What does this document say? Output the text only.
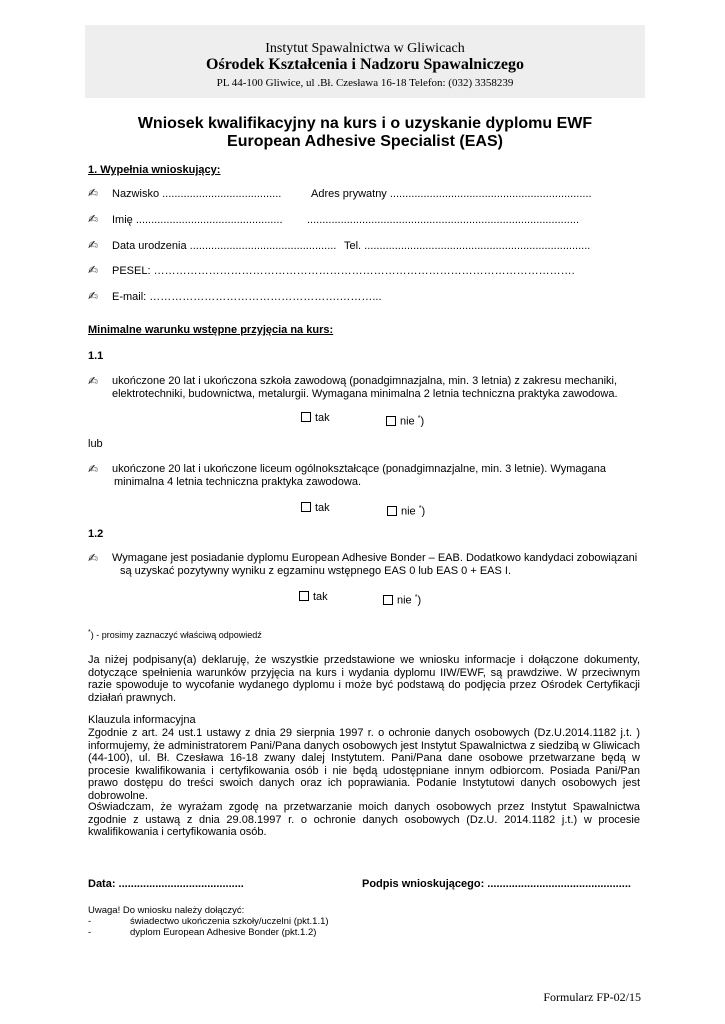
Instytut Spawalnictwa w Gliwicach
Ośrodek Kształcenia i Nadzoru Spawalniczego
PL 44-100 Gliwice, ul .Bł. Czesława 16-18 Telefon: (032) 3358239
Wniosek kwalifikacyjny na kurs i o uzyskanie dyplomu EWF
European Adhesive Specialist (EAS)
1. Wypełnia wnioskujący:
✍ Nazwisko .......................................	Adres prywatny ..................................................................
✍ Imię ................................................ .........................................................................................
✍ Data urodzenia ................................................ Tel. ..........................................................................
✍ PESEL: …………………………………………………………………………………………………….
✍ E-mail: …………………………………………….………...
Minimalne warunku wstępne przyjęcia na kurs:
1.1
✍ ukończone 20 lat i ukończona szkoła zawodową (ponadgimnazjalna, min. 3 letnia) z zakresu mechaniki,
elektrotechniki, budownictwa, metalurgii. Wymagana minimalna 2 letnia techniczna praktyka zawodowa.
tak	nie *)
lub
✍ ukończone 20 lat i ukończone liceum ogólnokształcące (ponadgimnazjalne, min. 3 letnie). Wymagana
minimalna 4 letnia techniczna praktyka zawodowa.
tak	nie *)
1.2
✍ Wymagane jest posiadanie dyplomu European Adhesive Bonder – EAB. Dodatkowo kandydaci zobowiązani
są uzyskać pozytywny wyniku z egzaminu wstępnego EAS 0 lub EAS 0 + EAS I.
tak	nie *)
*) - prosimy zaznaczyć właściwą odpowiedź
Ja niżej podpisany(a) deklaruję, że wszystkie przedstawione we wniosku informacje i dołączone dokumenty, dotyczące spełnienia warunków przyjęcia na kurs i wydania dyplomu IIW/EWF, są prawdziwe. W przeciwnym razie spowoduje to wycofanie wydanego dyplomu i może być podstawą do podjęcia przez Ośrodek Certyfikacji działań prawnych.
Klauzula informacyjna
Zgodnie z art. 24 ust.1 ustawy z dnia 29 sierpnia 1997 r. o ochronie danych osobowych (Dz.U.2014.1182 j.t. ) informujemy, że administratorem Pani/Pana danych osobowych jest Instytut Spawalnictwa z siedzibą w Gliwicach (44-100), ul. Bł. Czesława 16-18 zwany dalej Instytutem. Pani/Pana dane osobowe przetwarzane będą w procesie kwalifikowania i certyfikowania osób i nie będą udostępniane innym odbiorcom. Posiada Pani/Pan prawo dostępu do treści swoich danych oraz ich poprawiania. Podanie Instytutowi danych osobowych jest dobrowolne.
Oświadczam, że wyrażam zgodę na przetwarzanie moich danych osobowych przez Instytut Spawalnictwa zgodnie z ustawą z dnia 29.08.1997 r. o ochronie danych osobowych (Dz.U. 2014.1182 j.t.) w procesie kwalifikowania i certyfikowania osób.
Data: .........................................	Podpis wnioskującego: ...............................................
Uwaga! Do wniosku należy dołączyć:
-	świadectwo ukończenia szkoły/uczelni (pkt.1.1)
-	dyplom European Adhesive Bonder (pkt.1.2)
Formularz FP-02/15
